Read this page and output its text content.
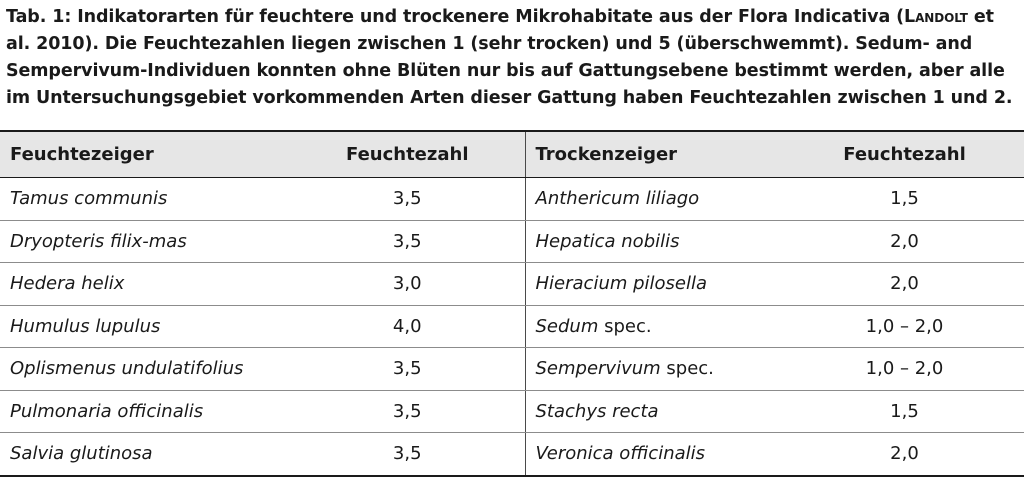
Tab. 1: Indikatorarten für feuchtere und trockenere Mikrohabitate aus der Flora Indicativa (Landolt et al. 2010). Die Feuchtezahlen liegen zwischen 1 (sehr trocken) und 5 (überschwemmt). Sedum- and Sempervivum-Individuen konnten ohne Blüten nur bis auf Gattungsebene bestimmt werden, aber alle im Untersuchungsgebiet vorkommenden Arten dieser Gattung haben Feuchtezahlen zwischen 1 und 2.
Feuchtezeiger	Feuchtezahl	Trockenzeiger	Feuchtezahl
Tamus communis	3,5	Anthericum liliago	1,5
Dryopteris filix-mas	3,5	Hepatica nobilis	2,0
Hedera helix	3,0	Hieracium pilosella	2,0
Humulus lupulus	4,0	Sedum spec.	1,0 – 2,0
Oplismenus undulatifolius	3,5	Sempervivum spec.	1,0 – 2,0
Pulmonaria officinalis	3,5	Stachys recta	1,5
Salvia glutinosa	3,5	Veronica officinalis	2,0
